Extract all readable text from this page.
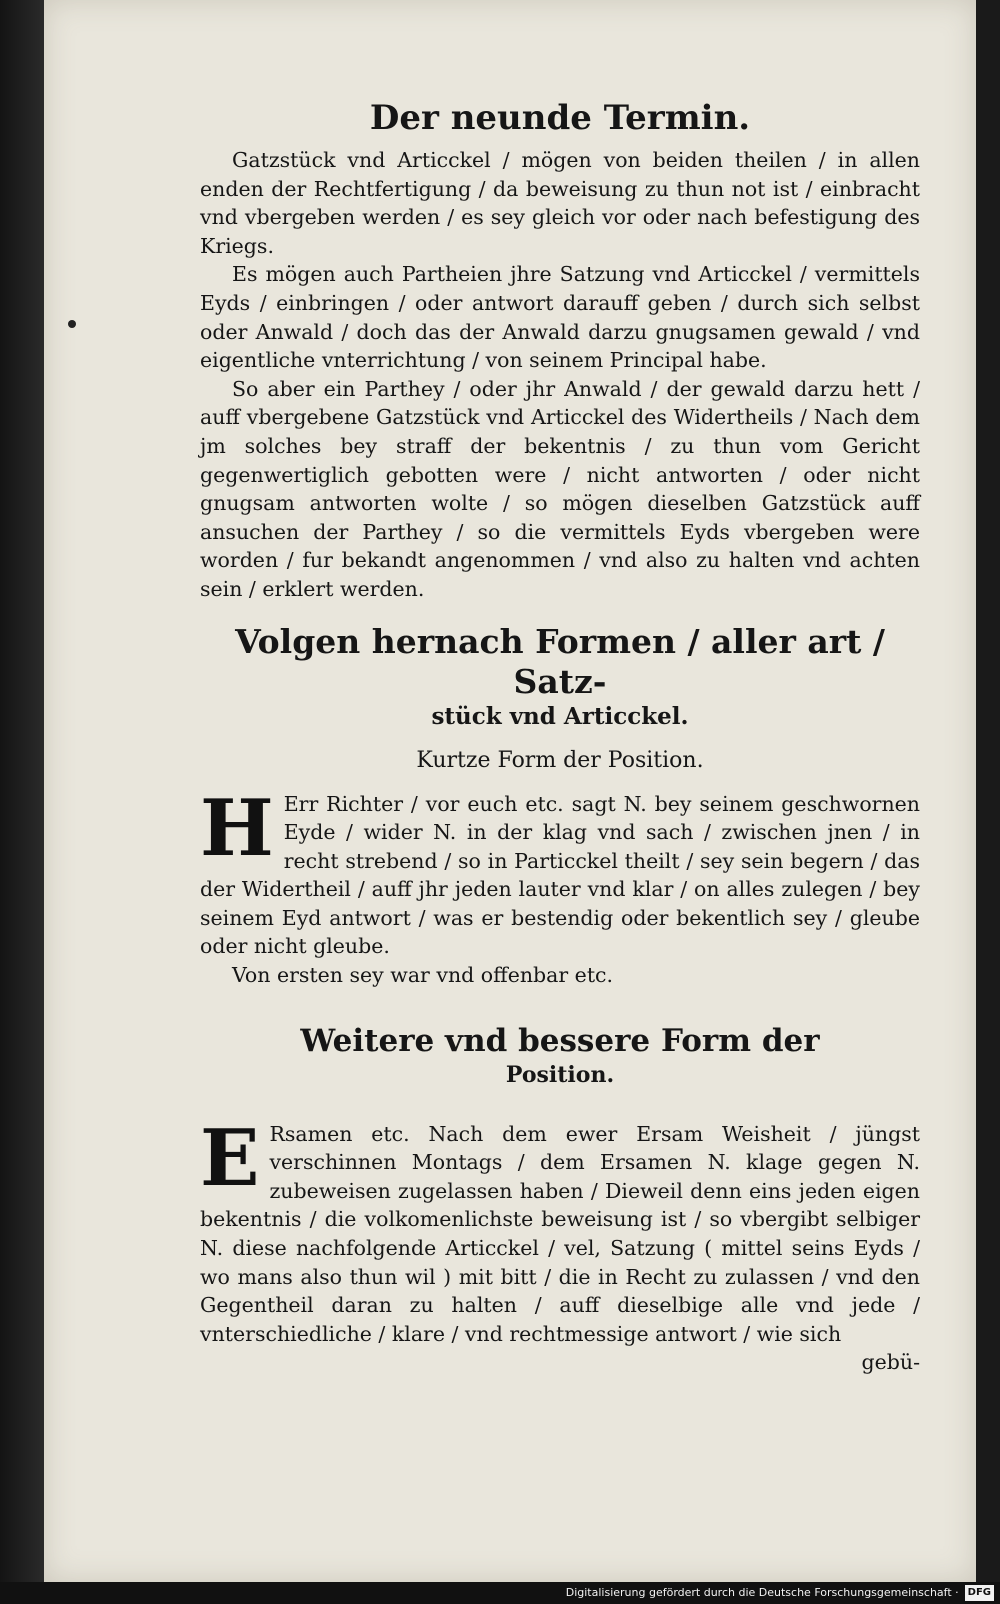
Der neunde Termin.

Gatzstück vnd Articckel / mögen von beiden theilen / in allen enden der Rechtfertigung / da beweisung zu thun not ist / einbracht vnd vbergeben werden / es sey gleich vor oder nach befestigung des Kriegs.

Es mögen auch Partheien jhre Satzung vnd Articckel / vermittels Eyds / einbringen / oder antwort darauff geben / durch sich selbst oder Anwald / doch das der Anwald darzu gnugsamen gewald / vnd eigentliche vnterrichtung / von seinem Principal habe.

So aber ein Parthey / oder jhr Anwald / der gewald darzu hett / auff vbergebene Gatzstück vnd Articckel des Widertheils / Nach dem jm solches bey straff der bekentnis / zu thun vom Gericht gegenwertiglich gebotten were / nicht antworten / oder nicht gnugsam antworten wolte / so mögen dieselben Gatzstück auff ansuchen der Parthey / so die vermittels Eyds vbergeben were worden / fur bekandt angenommen / vnd also zu halten vnd achten sein / erklert werden.

Volgen hernach Formen / aller art / Satz-
stück vnd Articckel.
Kurtze Form der Position.
H Err Richter / vor euch etc. sagt N. bey seinem geschwornen Eyde / wider N. in der klag vnd sach / zwischen jnen / in recht strebend / so in Particckel theilt / sey sein begern / das der Widertheil / auff jhr jeden lauter vnd klar / on alles zulegen / bey seinem Eyd antwort / was er bestendig oder bekentlich sey / gleube oder nicht gleube.

Von ersten sey war vnd offenbar etc.

Weitere vnd bessere Form der
Position.
E Rsamen etc. Nach dem ewer Ersam Weisheit / jüngst verschinnen Montags / dem Ersamen N. klage gegen N. zubeweisen zugelassen haben / Dieweil denn eins jeden eigen bekentnis / die volkomenlichste beweisung ist / so vbergibt selbiger N. diese nachfolgende Articckel / vel, Satzung ( mittel seins Eyds / wo mans also thun wil ) mit bitt / die in Recht zu zulassen / vnd den Gegentheil daran zu halten / auff dieselbige alle vnd jede / vnterschiedliche / klare / vnd rechtmessige antwort / wie sich

gebü-
Digitalisierung gefördert durch die Deutsche Forschungsgemeinschaft · DFG
